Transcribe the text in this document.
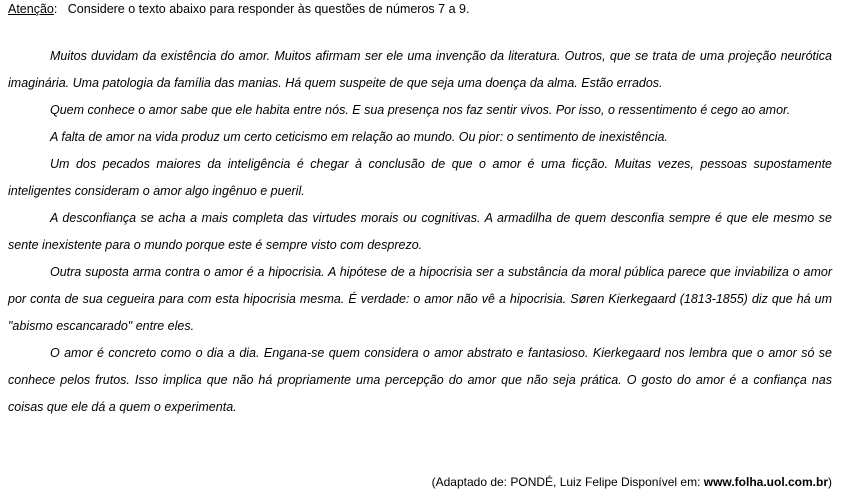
Atenção: Considere o texto abaixo para responder às questões de números 7 a 9.

Muitos duvidam da existência do amor. Muitos afirmam ser ele uma invenção da literatura. Outros, que se trata de uma projeção neurótica imaginária. Uma patologia da família das manias. Há quem suspeite de que seja uma doença da alma. Estão errados.

Quem conhece o amor sabe que ele habita entre nós. E sua presença nos faz sentir vivos. Por isso, o ressentimento é cego ao amor.

A falta de amor na vida produz um certo ceticismo em relação ao mundo. Ou pior: o sentimento de inexistência.

Um dos pecados maiores da inteligência é chegar à conclusão de que o amor é uma ficção. Muitas vezes, pessoas supostamente inteligentes consideram o amor algo ingênuo e pueril.

A desconfiança se acha a mais completa das virtudes morais ou cognitivas. A armadilha de quem desconfia sempre é que ele mesmo se sente inexistente para o mundo porque este é sempre visto com desprezo.

Outra suposta arma contra o amor é a hipocrisia. A hipótese de a hipocrisia ser a substância da moral pública parece que inviabiliza o amor por conta de sua cegueira para com esta hipocrisia mesma. É verdade: o amor não vê a hipocrisia. Søren Kierkegaard (1813-1855) diz que há um "abismo escancarado" entre eles.

O amor é concreto como o dia a dia. Engana-se quem considera o amor abstrato e fantasioso. Kierkegaard nos lembra que o amor só se conhece pelos frutos. Isso implica que não há propriamente uma percepção do amor que não seja prática. O gosto do amor é a confiança nas coisas que ele dá a quem o experimenta.

(Adaptado de: PONDÉ, Luiz Felipe Disponível em: www.folha.uol.com.br)
